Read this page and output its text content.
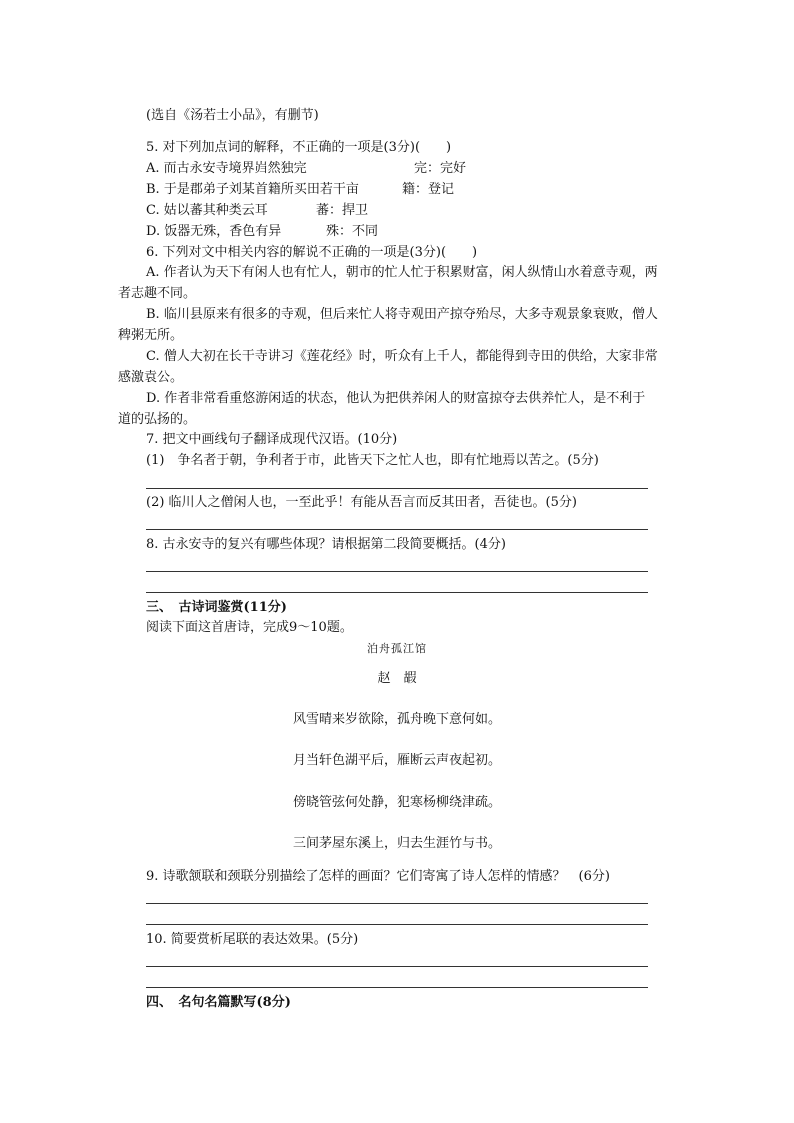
(选自《汤若士小品》，有删节)
5. 对下列加点词的解释，不正确的一项是(3分)(　　)
A. 而古永安寺境界岿然独完	完：完好
B. 于是郡弟子刘某首籍所买田若干亩	籍：登记
C. 姑以蕃其种类云耳	蕃：捍卫
D. 饭器无殊，香色有异	殊：不同
6. 下列对文中相关内容的解说不正确的一项是(3分)(　　)
A. 作者认为天下有闲人也有忙人，朝市的忙人忙于积累财富，闲人纵情山水着意寺观，两者志趣不同。
B. 临川县原来有很多的寺观，但后来忙人将寺观田产掠夺殆尽，大多寺观景象衰败，僧人稗粥无所。
C. 僧人大初在长干寺讲习《莲花经》时，听众有上千人，都能得到寺田的供给，大家非常感激袁公。
D. 作者非常看重悠游闲适的状态，他认为把供养闲人的财富掠夺去供养忙人，是不利于道的弘扬的。
7. 把文中画线句子翻译成现代汉语。(10分)
(1)　争名者于朝，争利者于市，此皆天下之忙人也，即有忙地焉以苦之。(5分)
(2) 临川人之僧闲人也，一至此乎！有能从吾言而反其田者，吾徒也。(5分)
8. 古永安寺的复兴有哪些体现？请根据第二段简要概括。(4分)
三、　古诗词鉴赏(11分)
阅读下面这首唐诗，完成9～10题。
泊舟孤江馆
赵　嘏
风雪晴来岁欲除，孤舟晚下意何如。
月当轩色湖平后，雁断云声夜起初。
傍晓管弦何处静，犯寒杨柳绕津疏。
三间茅屋东溪上，归去生涯竹与书。
9. 诗歌颔联和颈联分别描绘了怎样的画面？它们寄寓了诗人怎样的情感？　(6分)
10. 简要赏析尾联的表达效果。(5分)
四、　名句名篇默写(8分)
